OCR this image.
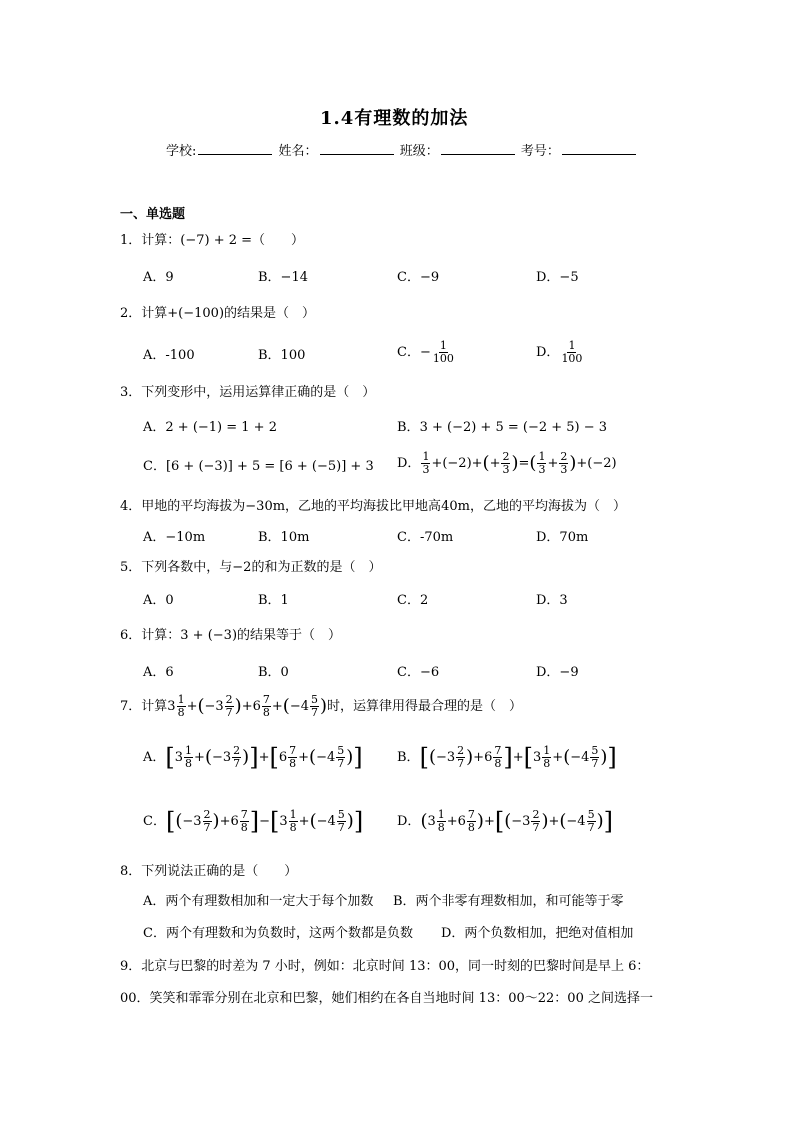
1.4有理数的加法
学校:	姓名：	班级：	考号：
一、单选题
1．计算：(−7) + 2 =（　　）
A．9	B．−14	C．−9	D．−5
2．计算+(−100)的结果是（　）
A．-100	B．100	C．− $\frac{1}{100}$	D． $\frac{1}{100}$
3．下列变形中，运用运算律正确的是（　）
A．2 + (−1) = 1 + 2	B．3 + (−2) + 5 = (−2 + 5) − 3
C．[6 + (−3)] + 5 = [6 + (−5)] + 3 D． $\frac{1}{3} +(-2)+(+ \frac{2}{3}$ )=( $\frac{1}{3} + \frac{2}{3} )+(-2)$
4．甲地的平均海拔为−30m，乙地的平均海拔比甲地高40m，乙地的平均海拔为（　）
A．−10m	B．10m	C．-70m	D．70m
5．下列各数中，与−2的和为正数的是（　）
A．0	B．1	C．2	D．3
6．计算：3 + (−3)的结果等于（　）
A．6	B．0	C．−6	D．−9
7．计算$3 \frac{1}{8} +(-3 \frac{2}{7} )+6 \frac{7}{8} +(-4 \frac{5}{7}$ )时，运算律用得最合理的是（　）
A．$[3 \frac{1}{8} +(-3 \frac{2}{7} )]+[6 \frac{7}{8} +(-4 \frac{5}{7}$ )]	B．$[(-3 \frac{2}{7} )+6 \frac{7}{8} ]+[3 \frac{1}{8} +(-4 \frac{5}{7}$ )]
C．$[(-3 \frac{2}{7} )+6 \frac{7}{8} ]-[3 \frac{1}{8} +(-4 \frac{5}{7}$ )]	D．$(3 \frac{1}{8} +6 \frac{7}{8} )+[(-3 \frac{2}{7} )+(-4 \frac{5}{7}$ )]
8．下列说法正确的是（　　）
A．两个有理数相加和一定大于每个加数 B．两个非零有理数相加，和可能等于零
C．两个有理数和为负数时，这两个数都是负数 D．两个负数相加，把绝对值相加
9．北京与巴黎的时差为 7 小时，例如：北京时间 13：00，同一时刻的巴黎时间是早上 6：
00．笑笑和霏霏分别在北京和巴黎，她们相约在各自当地时间 13：00～22：00 之间选择一
